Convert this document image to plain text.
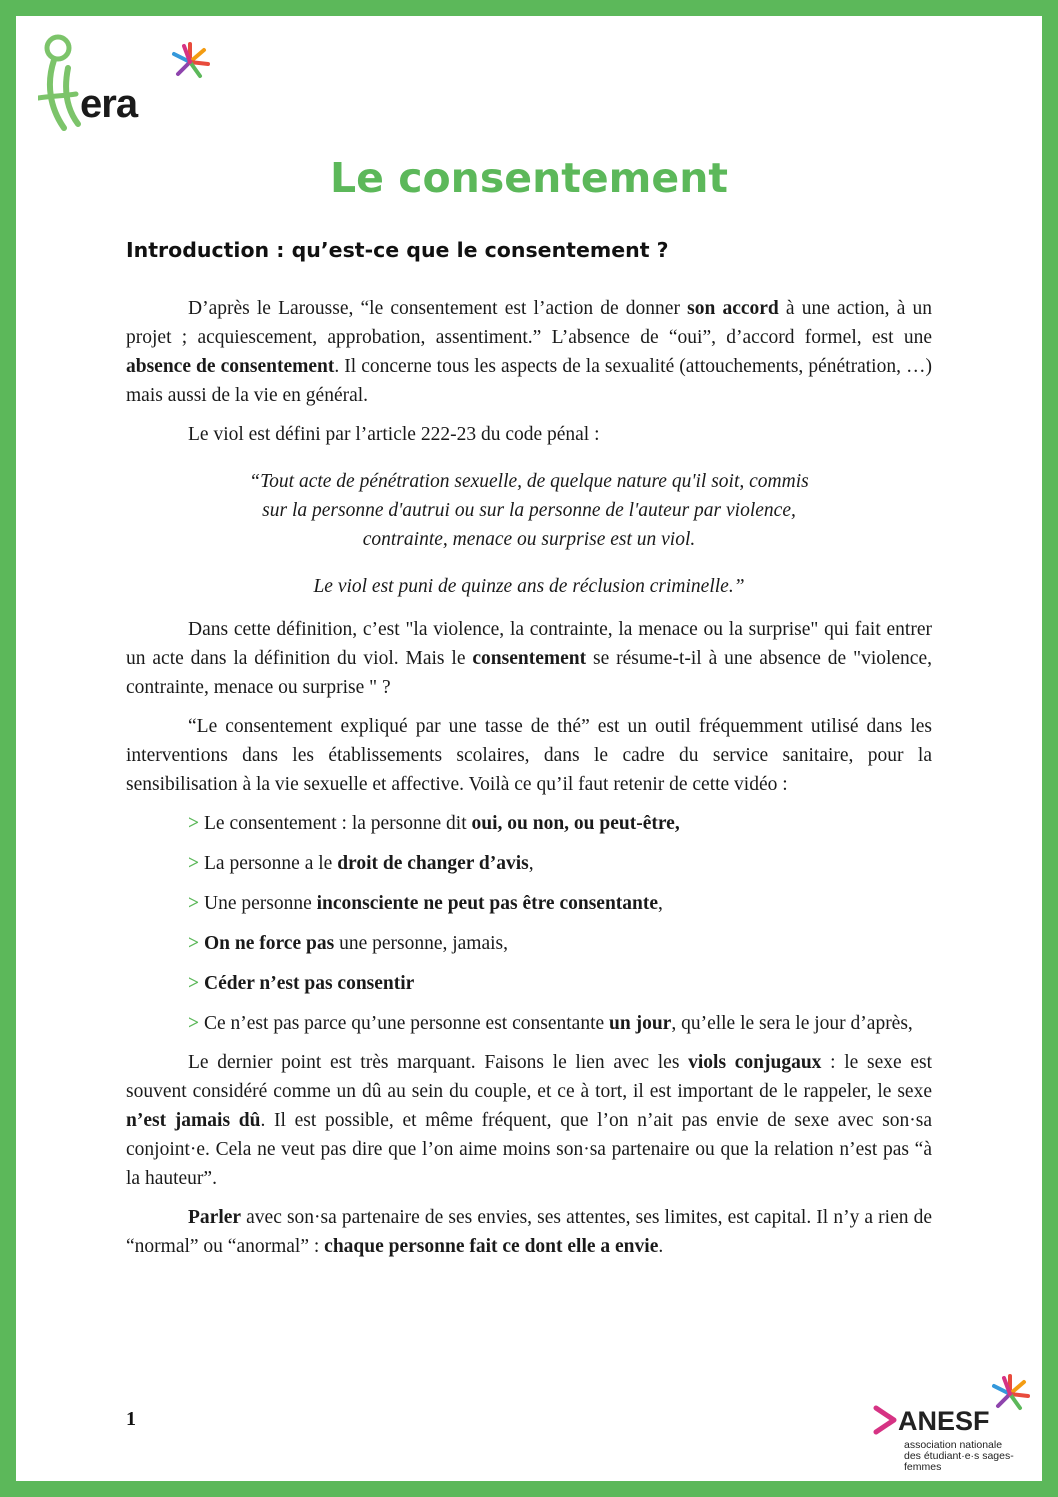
era
Le consentement
Introduction : qu’est-ce que le consentement ?

D’après le Larousse, “le consentement est l’action de donner son accord à une action, à un projet ; acquiescement, approbation, assentiment.” L’absence de “oui”, d’accord formel, est une absence de consentement. Il concerne tous les aspects de la sexualité (attouchements, pénétration, …) mais aussi de la vie en général.

Le viol est défini par l’article 222-23 du code pénal :

“Tout acte de pénétration sexuelle, de quelque nature qu'il soit, commis
sur la personne d'autrui ou sur la personne de l'auteur par violence,
contrainte, menace ou surprise est un viol.

Le viol est puni de quinze ans de réclusion criminelle.”

Dans cette définition, c’est "la violence, la contrainte, la menace ou la surprise" qui fait entrer un acte dans la définition du viol. Mais le consentement se résume-t-il à une absence de "violence, contrainte, menace ou surprise " ?

“Le consentement expliqué par une tasse de thé” est un outil fréquemment utilisé dans les interventions dans les établissements scolaires, dans le cadre du service sanitaire, pour la sensibilisation à la vie sexuelle et affective. Voilà ce qu’il faut retenir de cette vidéo :

> Le consentement : la personne dit oui, ou non, ou peut-être,

> La personne a le droit de changer d’avis,

> Une personne inconsciente ne peut pas être consentante,

> On ne force pas une personne, jamais,

> Céder n’est pas consentir

> Ce n’est pas parce qu’une personne est consentante un jour, qu’elle le sera le jour d’après,

Le dernier point est très marquant. Faisons le lien avec les viols conjugaux : le sexe est souvent considéré comme un dû au sein du couple, et ce à tort, il est important de le rappeler, le sexe n’est jamais dû. Il est possible, et même fréquent, que l’on n’ait pas envie de sexe avec son·sa conjoint·e. Cela ne veut pas dire que l’on aime moins son·sa partenaire ou que la relation n’est pas “à la hauteur”.

Parler avec son·sa partenaire de ses envies, ses attentes, ses limites, est capital. Il n’y a rien de “normal” ou “anormal” : chaque personne fait ce dont elle a envie.

1	ANESF
association nationale
des étudiant·e·s sages-femmes
